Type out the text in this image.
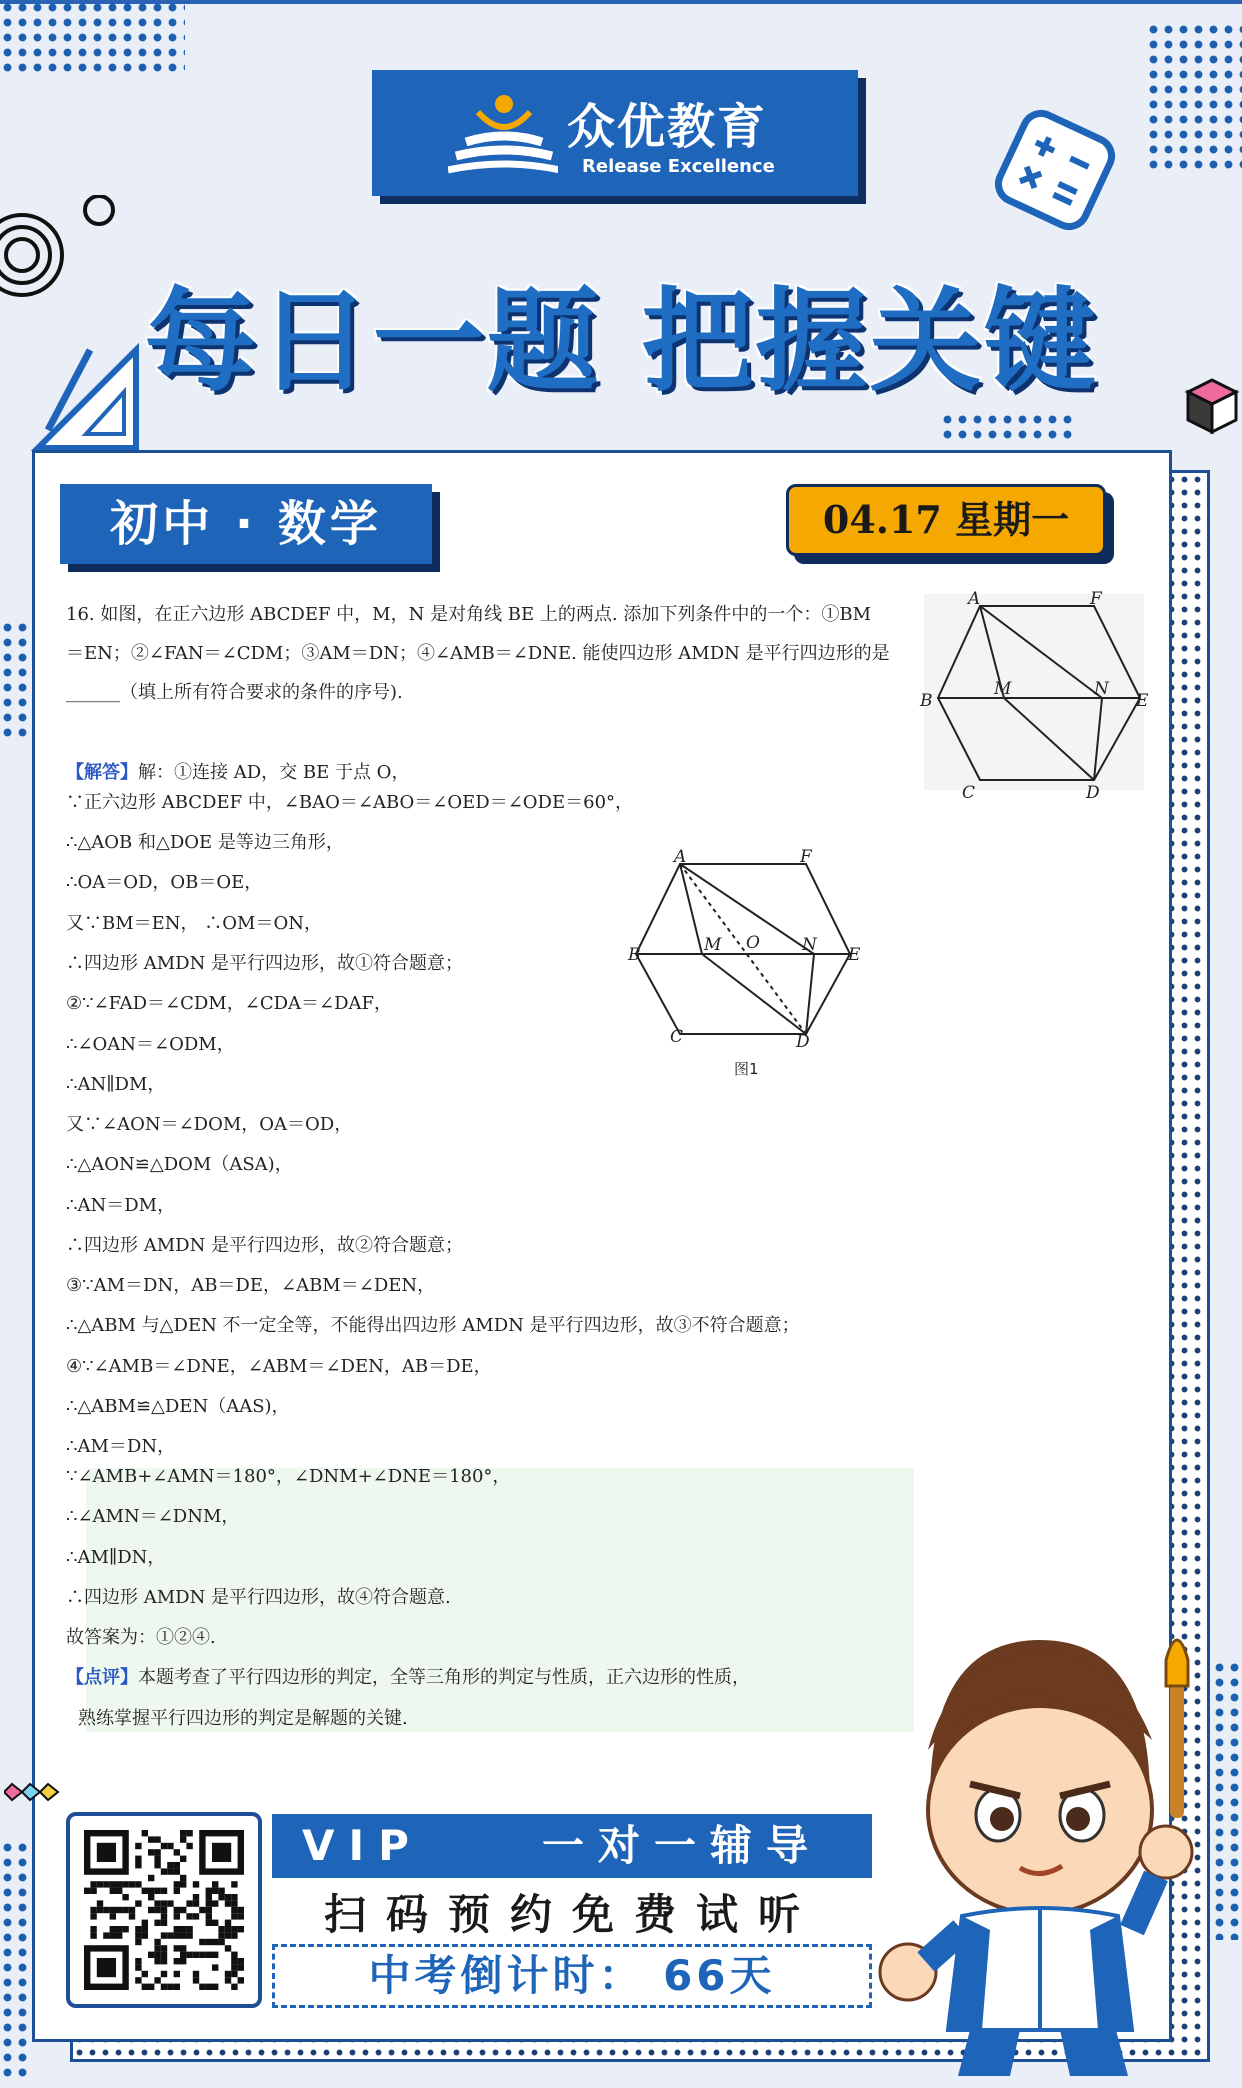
众优教育
Release Excellence
每日一题 把握关键
初中 · 数学	04.17 星期一
16. 如图，在正六边形 ABCDEF 中，M，N 是对角线 BE 上的两点. 添加下列条件中的一个：①BM
＝EN；②∠FAN＝∠CDM；③AM＝DN；④∠AMB＝∠DNE. 能使四边形 AMDN 是平行四边形的是
______（填上所有符合要求的条件的序号).
【解答】解：①连接 AD，交 BE 于点 O，
∵正六边形 ABCDEF 中，∠BAO＝∠ABO＝∠OED＝∠ODE＝60°，
∴△AOB 和△DOE 是等边三角形，
∴OA＝OD，OB＝OE，
又∵BM＝EN， ∴OM＝ON，
∴四边形 AMDN 是平行四边形，故①符合题意；
②∵∠FAD＝∠CDM，∠CDA＝∠DAF，
∴∠OAN＝∠ODM，
∴AN∥DM，
又∵∠AON＝∠DOM，OA＝OD，
∴△AON≌△DOM（ASA)，
∴AN＝DM，
∴四边形 AMDN 是平行四边形，故②符合题意；
③∵AM＝DN，AB＝DE，∠ABM＝∠DEN，
∴△ABM 与△DEN 不一定全等，不能得出四边形 AMDN 是平行四边形，故③不符合题意；
④∵∠AMB＝∠DNE，∠ABM＝∠DEN，AB＝DE，
∴△ABM≌△DEN（AAS)，
∴AM＝DN，
∵∠AMB+∠AMN＝180°，∠DNM+∠DNE＝180°，
∴∠AMN＝∠DNM，
∴AM∥DN，
∴四边形 AMDN 是平行四边形，故④符合题意.
故答案为：①②④.
【点评】本题考查了平行四边形的判定，全等三角形的判定与性质，正六边形的性质，
熟练掌握平行四边形的判定是解题的关键.
A	F
B
M	N
E
C	D
A	F
B	M O N E
C	D
图1
VIP	一对一辅导
扫码预约免费试听
中考倒计时： 66天
